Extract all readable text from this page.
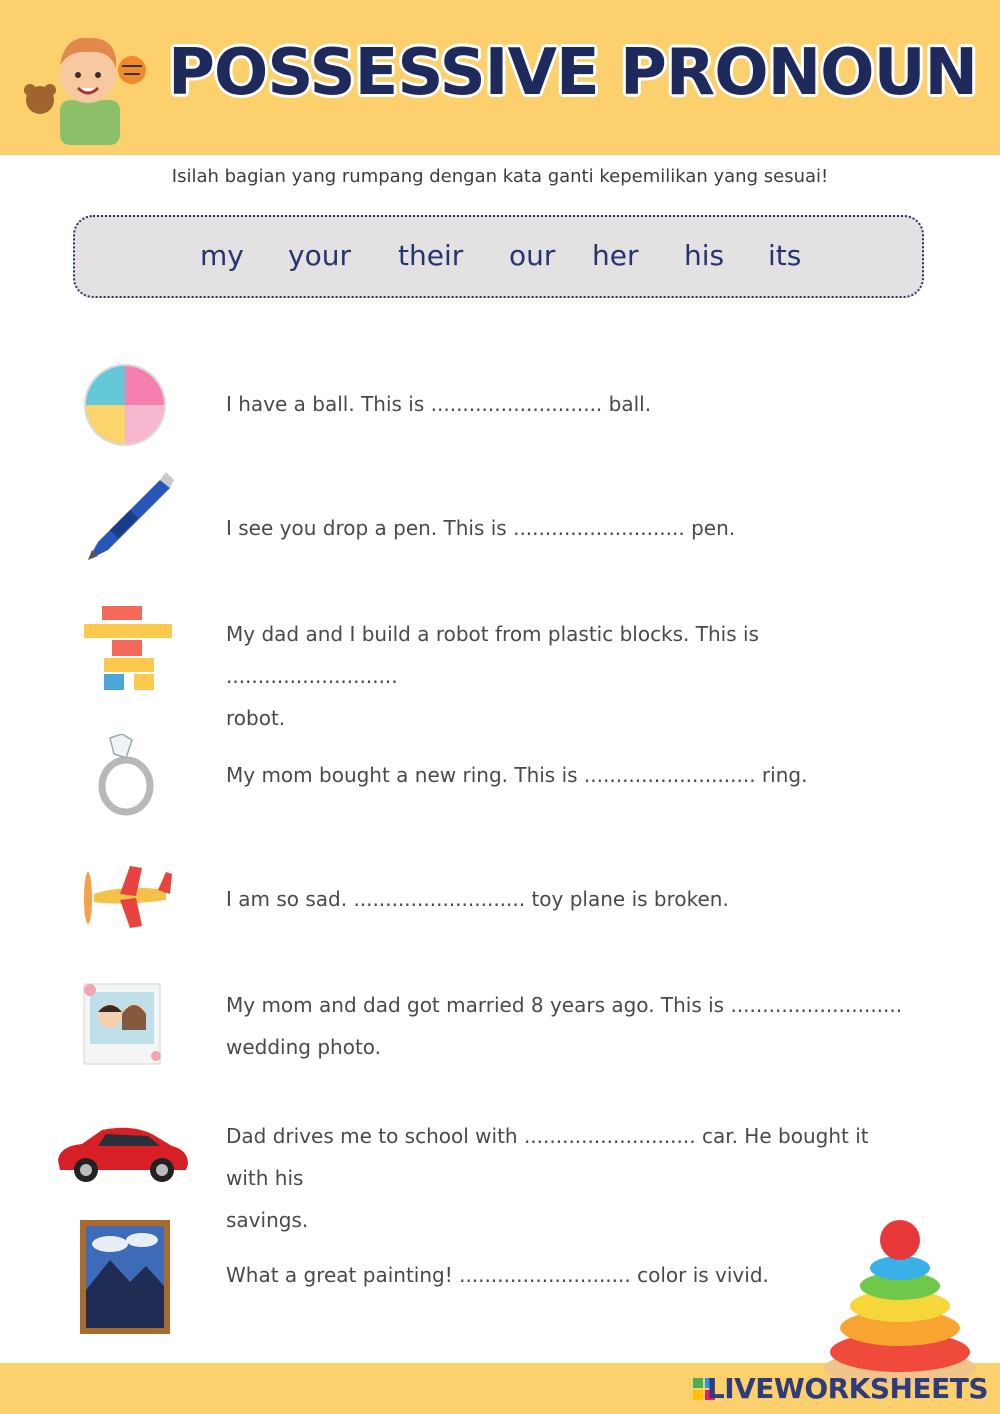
POSSESSIVE PRONOUN
Isilah bagian yang rumpang dengan kata ganti kepemilikan yang sesuai!
my your their our her his its
I have a ball. This is ........................... ball.
I see you drop a pen. This is ........................... pen.
My dad and I build a robot from plastic blocks. This is ...........................
robot.
My mom bought a new ring. This is ........................... ring.
I am so sad. ........................... toy plane is broken.
My mom and dad got married 8 years ago. This is ...........................
wedding photo.
Dad drives me to school with ........................... car. He bought it with his
savings.
What a great painting! ........................... color is vivid.
LIVEWORKSHEETS
